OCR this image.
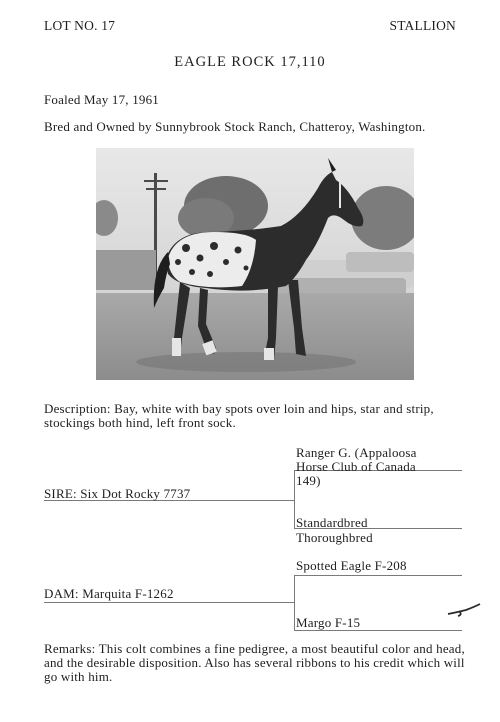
LOT NO. 17	STALLION
EAGLE ROCK 17,110
Foaled May 17, 1961
Bred and Owned by Sunnybrook Stock Ranch, Chatteroy, Washington.
Description: Bay, white with bay spots over loin and hips, star and strip, stockings both hind, left front sock.
Ranger G. (Appaloosa
Horse Club of Canada
149)
SIRE: Six Dot Rocky 7737
Standardbred
Thoroughbred
Spotted Eagle F-208
DAM: Marquita F-1262
Margo F-15
Remarks: This colt combines a fine pedigree, a most beautiful color and head, and the desirable disposition. Also has several ribbons to his credit which will go with him.
